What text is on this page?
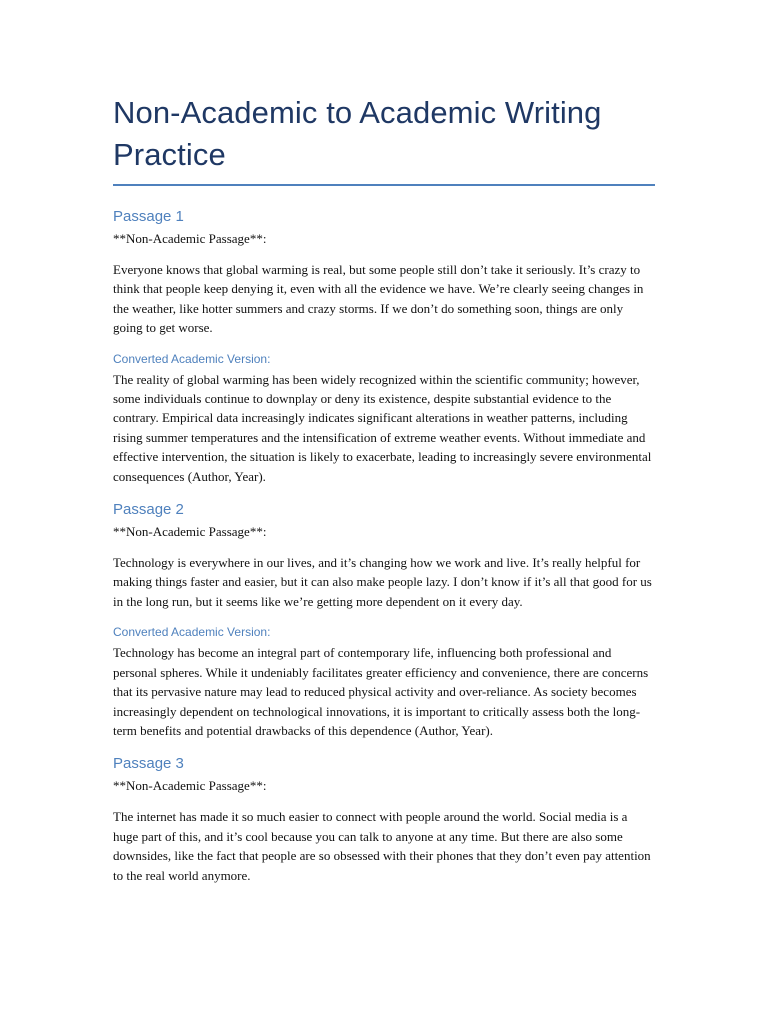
Non-Academic to Academic Writing Practice
Passage 1

**Non-Academic Passage**:

Everyone knows that global warming is real, but some people still don’t take it seriously. It’s crazy to think that people keep denying it, even with all the evidence we have. We’re clearly seeing changes in the weather, like hotter summers and crazy storms. If we don’t do something soon, things are only going to get worse.

Converted Academic Version:

The reality of global warming has been widely recognized within the scientific community; however, some individuals continue to downplay or deny its existence, despite substantial evidence to the contrary. Empirical data increasingly indicates significant alterations in weather patterns, including rising summer temperatures and the intensification of extreme weather events. Without immediate and effective intervention, the situation is likely to exacerbate, leading to increasingly severe environmental consequences (Author, Year).

Passage 2

**Non-Academic Passage**:

Technology is everywhere in our lives, and it’s changing how we work and live. It’s really helpful for making things faster and easier, but it can also make people lazy. I don’t know if it’s all that good for us in the long run, but it seems like we’re getting more dependent on it every day.

Converted Academic Version:

Technology has become an integral part of contemporary life, influencing both professional and personal spheres. While it undeniably facilitates greater efficiency and convenience, there are concerns that its pervasive nature may lead to reduced physical activity and over-reliance. As society becomes increasingly dependent on technological innovations, it is important to critically assess both the long-term benefits and potential drawbacks of this dependence (Author, Year).

Passage 3

**Non-Academic Passage**:

The internet has made it so much easier to connect with people around the world. Social media is a huge part of this, and it’s cool because you can talk to anyone at any time. But there are also some downsides, like the fact that people are so obsessed with their phones that they don’t even pay attention to the real world anymore.
